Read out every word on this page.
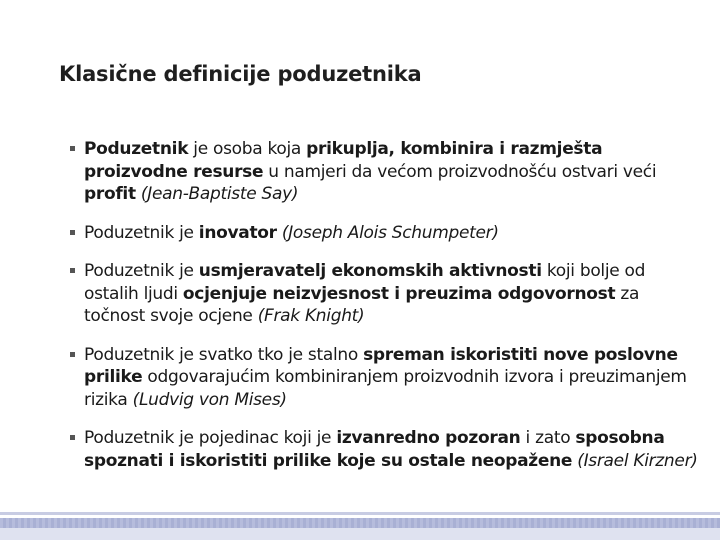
Klasične definicije poduzetnika
Poduzetnik je osoba koja prikuplja, kombinira i razmješta proizvodne resurse u namjeri da većom proizvodnošću ostvari veći profit (Jean-Baptiste Say)
Poduzetnik je inovator (Joseph Alois Schumpeter)
Poduzetnik je usmjeravatelj ekonomskih aktivnosti koji bolje od ostalih ljudi ocjenjuje neizvjesnost i preuzima odgovornost za točnost svoje ocjene (Frak Knight)
Poduzetnik je svatko tko je stalno spreman iskoristiti nove poslovne prilike odgovarajućim kombiniranjem proizvodnih izvora i preuzimanjem rizika (Ludvig von Mises)
Poduzetnik je pojedinac koji je izvanredno pozoran i zato sposobna spoznati i iskoristiti prilike koje su ostale neopažene (Israel Kirzner)
